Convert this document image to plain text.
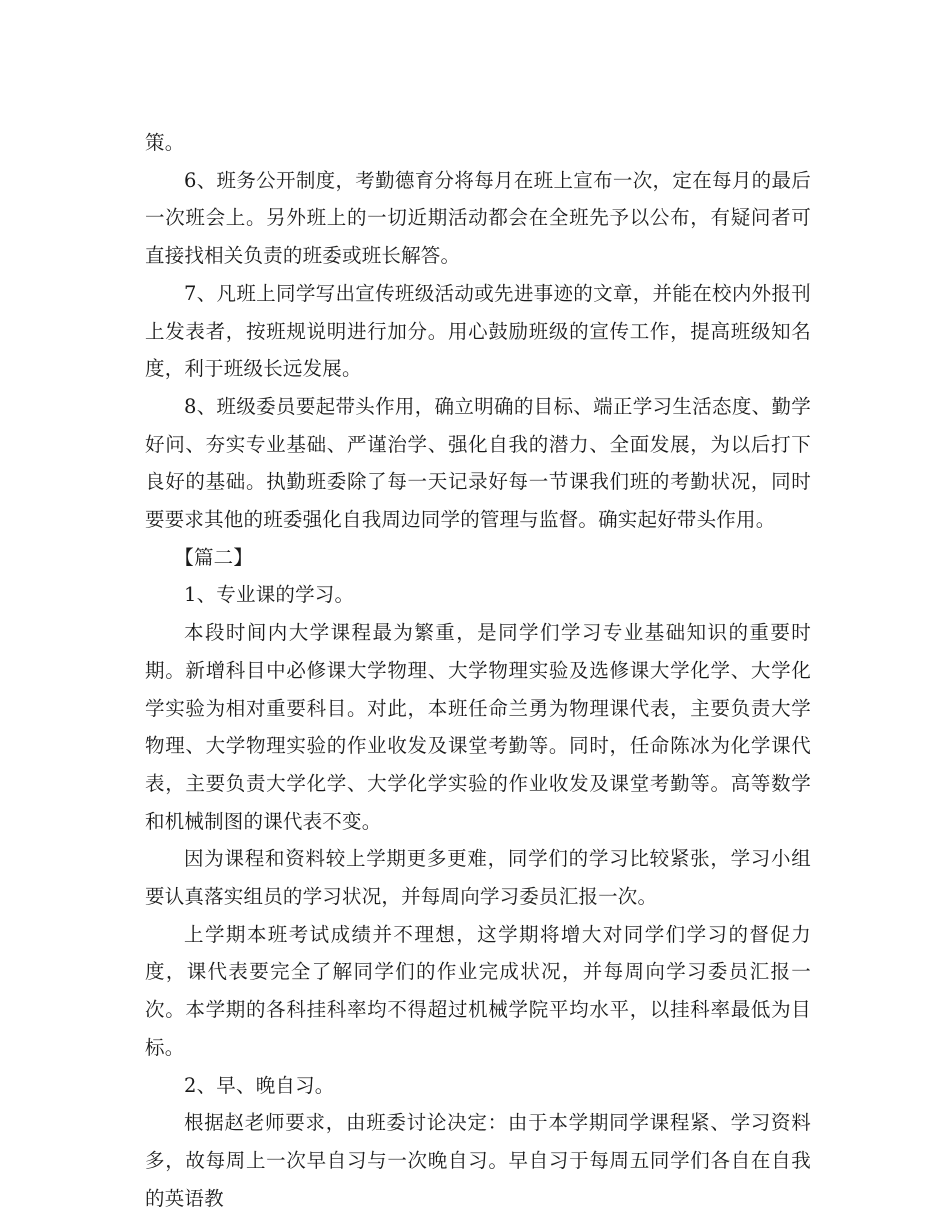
策。

6、班务公开制度，考勤德育分将每月在班上宣布一次，定在每月的最后一次班会上。另外班上的一切近期活动都会在全班先予以公布，有疑问者可直接找相关负责的班委或班长解答。

7、凡班上同学写出宣传班级活动或先进事迹的文章，并能在校内外报刊上发表者，按班规说明进行加分。用心鼓励班级的宣传工作，提高班级知名度，利于班级长远发展。

8、班级委员要起带头作用，确立明确的目标、端正学习生活态度、勤学好问、夯实专业基础、严谨治学、强化自我的潜力、全面发展，为以后打下良好的基础。执勤班委除了每一天记录好每一节课我们班的考勤状况，同时要要求其他的班委强化自我周边同学的管理与监督。确实起好带头作用。

【篇二】

1、专业课的学习。

本段时间内大学课程最为繁重，是同学们学习专业基础知识的重要时期。新增科目中必修课大学物理、大学物理实验及选修课大学化学、大学化学实验为相对重要科目。对此，本班任命兰勇为物理课代表，主要负责大学物理、大学物理实验的作业收发及课堂考勤等。同时，任命陈冰为化学课代表，主要负责大学化学、大学化学实验的作业收发及课堂考勤等。高等数学和机械制图的课代表不变。

因为课程和资料较上学期更多更难，同学们的学习比较紧张，学习小组要认真落实组员的学习状况，并每周向学习委员汇报一次。

上学期本班考试成绩并不理想，这学期将增大对同学们学习的督促力度，课代表要完全了解同学们的作业完成状况，并每周向学习委员汇报一次。本学期的各科挂科率均不得超过机械学院平均水平，以挂科率最低为目标。

2、早、晚自习。

根据赵老师要求，由班委讨论决定：由于本学期同学课程紧、学习资料多，故每周上一次早自习与一次晚自习。早自习于每周五同学们各自在自我的英语教
